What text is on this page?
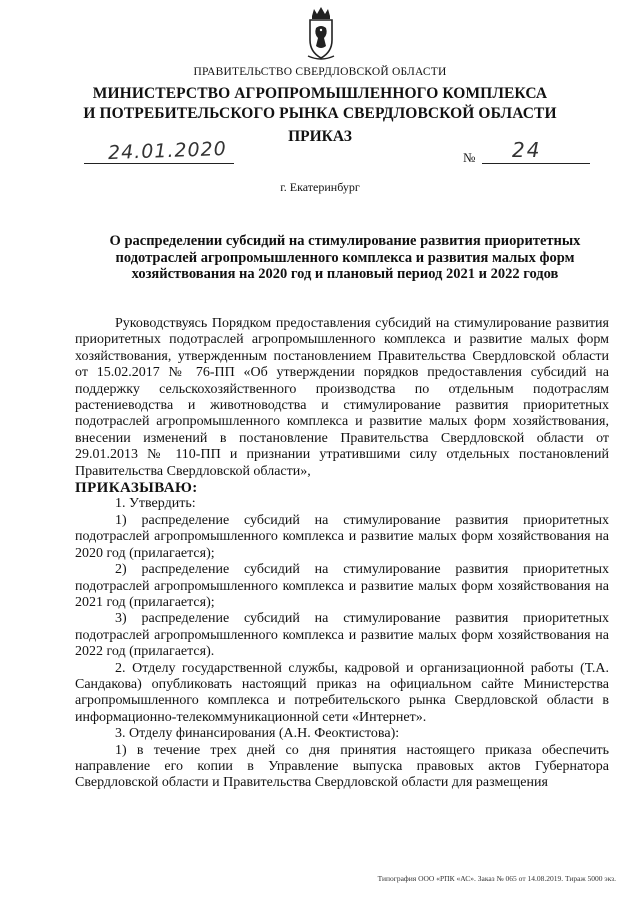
ПРАВИТЕЛЬСТВО СВЕРДЛОВСКОЙ ОБЛАСТИ
МИНИСТЕРСТВО АГРОПРОМЫШЛЕННОГО КОМПЛЕКСА
И ПОТРЕБИТЕЛЬСКОГО РЫНКА СВЕРДЛОВСКОЙ ОБЛАСТИ
ПРИКАЗ
24.01.2020	№ 24
г. Екатеринбург
О распределении субсидий на стимулирование развития приоритетных подотраслей агропромышленного комплекса и развития малых форм хозяйствования на 2020 год и плановый период 2021 и 2022 годов

Руководствуясь Порядком предоставления субсидий на стимулирование развития приоритетных подотраслей агропромышленного комплекса и развитие малых форм хозяйствования, утвержденным постановлением Правительства Свердловской области от 15.02.2017 № 76-ПП «Об утверждении порядков предоставления субсидий на поддержку сельскохозяйственного производства по отдельным подотраслям растениеводства и животноводства и стимулирование развития приоритетных подотраслей агропромышленного комплекса и развитие малых форм хозяйствования, внесении изменений в постановление Правительства Свердловской области от 29.01.2013 № 110-ПП и признании утратившими силу отдельных постановлений Правительства Свердловской области»,

ПРИКАЗЫВАЮ:

1. Утвердить:

1) распределение субсидий на стимулирование развития приоритетных подотраслей агропромышленного комплекса и развитие малых форм хозяйствования на 2020 год (прилагается);

2) распределение субсидий на стимулирование развития приоритетных подотраслей агропромышленного комплекса и развитие малых форм хозяйствования на 2021 год (прилагается);

3) распределение субсидий на стимулирование развития приоритетных подотраслей агропромышленного комплекса и развитие малых форм хозяйствования на 2022 год (прилагается).

2. Отделу государственной службы, кадровой и организационной работы (Т.А. Сандакова) опубликовать настоящий приказ на официальном сайте Министерства агропромышленного комплекса и потребительского рынка Свердловской области в информационно-телекоммуникационной сети «Интернет».

3. Отделу финансирования (А.Н. Феоктистова):

1) в течение трех дней со дня принятия настоящего приказа обеспечить направление его копии в Управление выпуска правовых актов Губернатора Свердловской области и Правительства Свердловской области для размещения

Типография ООО «РПК «АС». Заказ № 065 от 14.08.2019. Тираж 5000 экз.
